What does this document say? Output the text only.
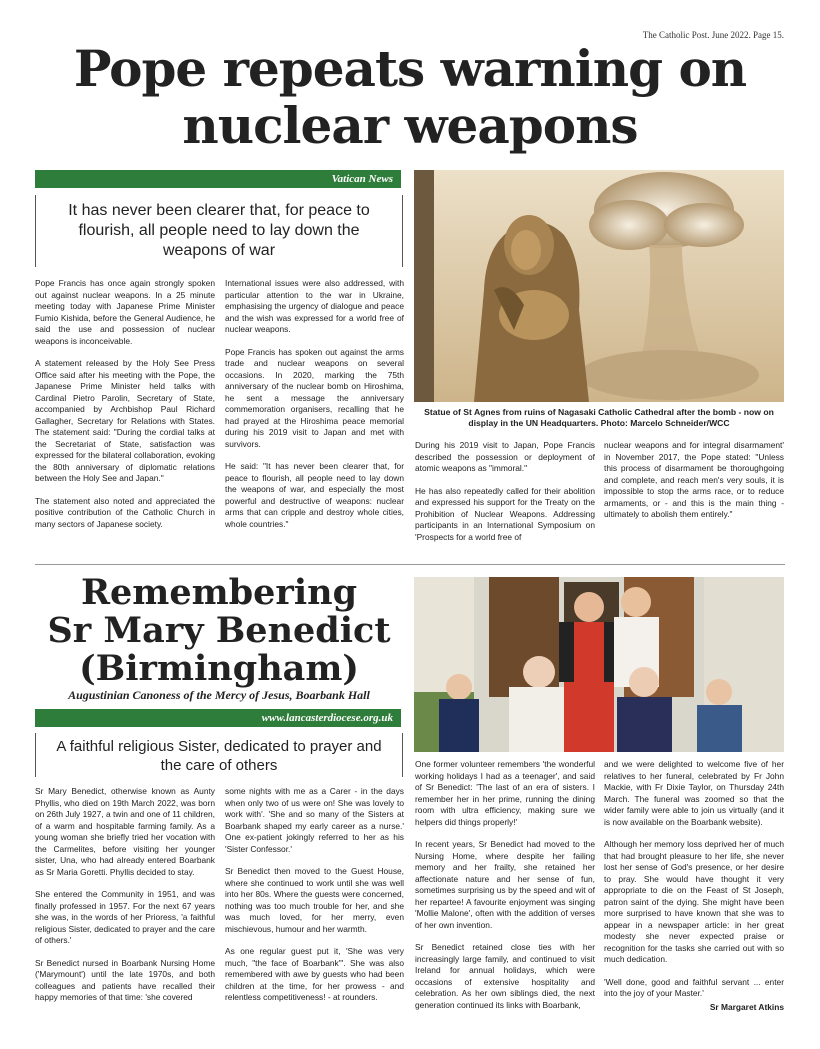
The Catholic Post. June 2022. Page 15.
Pope repeats warning on
nuclear weapons
Vatican News
It has never been clearer that, for peace to flourish, all people need to lay down the weapons of war

Pope Francis has once again strongly spoken out against nuclear weapons. In a 25 minute meeting today with Japanese Prime Minister Fumio Kishida, before the General Audience, he said the use and possession of nuclear weapons is inconceivable.

A statement released by the Holy See Press Office said after his meeting with the Pope, the Japanese Prime Minister held talks with Cardinal Pietro Parolin, Secretary of State, accompanied by Archbishop Paul Richard Gallagher, Secretary for Relations with States. The statement said: "During the cordial talks at the Secretariat of State, satisfaction was expressed for the bilateral collaboration, evoking the 80th anniversary of diplomatic relations between the Holy See and Japan."

The statement also noted and appreciated the positive contribution of the Catholic Church in many sectors of Japanese society.

International issues were also addressed, with particular attention to the war in Ukraine, emphasising the urgency of dialogue and peace and the wish was expressed for a world free of nuclear weapons.

Pope Francis has spoken out against the arms trade and nuclear weapons on several occasions. In 2020, marking the 75th anniversary of the nuclear bomb on Hiroshima, he sent a message the anniversary commemoration organisers, recalling that he had prayed at the Hiroshima peace memorial during his 2019 visit to Japan and met with survivors.

He said: "It has never been clearer that, for peace to flourish, all people need to lay down the weapons of war, and especially the most powerful and destructive of weapons: nuclear arms that can cripple and destroy whole cities, whole countries."

Statue of St Agnes from ruins of Nagasaki Catholic Cathedral after the bomb - now on display in the UN Headquarters. Photo: Marcelo Schneider/WCC

During his 2019 visit to Japan, Pope Francis described the possession or deployment of atomic weapons as "immoral."

He has also repeatedly called for their abolition and expressed his support for the Treaty on the Prohibition of Nuclear Weapons. Addressing participants in an International Symposium on 'Prospects for a world free of

nuclear weapons and for integral disarmament' in November 2017, the Pope stated: "Unless this process of disarmament be thoroughgoing and complete, and reach men's very souls, it is impossible to stop the arms race, or to reduce armaments, or - and this is the main thing - ultimately to abolish them entirely."

Remembering
Sr Mary Benedict
(Birmingham)
Augustinian Canoness of the Mercy of Jesus, Boarbank Hall
www.lancasterdiocese.org.uk
A faithful religious Sister, dedicated to prayer and the care of others

Sr Mary Benedict, otherwise known as Aunty Phyllis, who died on 19th March 2022, was born on 26th July 1927, a twin and one of 11 children, of a warm and hospitable farming family. As a young woman she briefly tried her vocation with the Carmelites, before visiting her younger sister, Una, who had already entered Boarbank as Sr Maria Goretti. Phyllis decided to stay.

She entered the Community in 1951, and was finally professed in 1957. For the next 67 years she was, in the words of her Prioress, 'a faithful religious Sister, dedicated to prayer and the care of others.'

Sr Benedict nursed in Boarbank Nursing Home ('Marymount') until the late 1970s, and both colleagues and patients have recalled their happy memories of that time: 'she covered

some nights with me as a Carer - in the days when only two of us were on! She was lovely to work with'. 'She and so many of the Sisters at Boarbank shaped my early career as a nurse.' One ex-patient jokingly referred to her as his 'Sister Confessor.'

Sr Benedict then moved to the Guest House, where she continued to work until she was well into her 80s. Where the guests were concerned, nothing was too much trouble for her, and she was much loved, for her merry, even mischievous, humour and her warmth.

As one regular guest put it, 'She was very much, "the face of Boarbank"'. She was also remembered with awe by guests who had been children at the time, for her prowess - and relentless competitiveness! - at rounders.

One former volunteer remembers 'the wonderful working holidays I had as a teenager', and said of Sr Benedict: 'The last of an era of sisters. I remember her in her prime, running the dining room with ultra efficiency, making sure we helpers did things properly!'

In recent years, Sr Benedict had moved to the Nursing Home, where despite her failing memory and her frailty, she retained her affectionate nature and her sense of fun, sometimes surprising us by the speed and wit of her repartee! A favourite enjoyment was singing 'Mollie Malone', often with the addition of verses of her own invention.

Sr Benedict retained close ties with her increasingly large family, and continued to visit Ireland for annual holidays, which were occasions of extensive hospitality and celebration. As her own siblings died, the next generation continued its links with Boarbank,

and we were delighted to welcome five of her relatives to her funeral, celebrated by Fr John Mackie, with Fr Dixie Taylor, on Thursday 24th March. The funeral was zoomed so that the wider family were able to join us virtually (and it is now available on the Boarbank website).

Although her memory loss deprived her of much that had brought pleasure to her life, she never lost her sense of God's presence, or her desire to pray. She would have thought it very appropriate to die on the Feast of St Joseph, patron saint of the dying. She might have been more surprised to have known that she was to appear in a newspaper article: in her great modesty she never expected praise or recognition for the tasks she carried out with so much dedication.

'Well done, good and faithful servant ... enter into the joy of your Master.'

Sr Margaret Atkins
